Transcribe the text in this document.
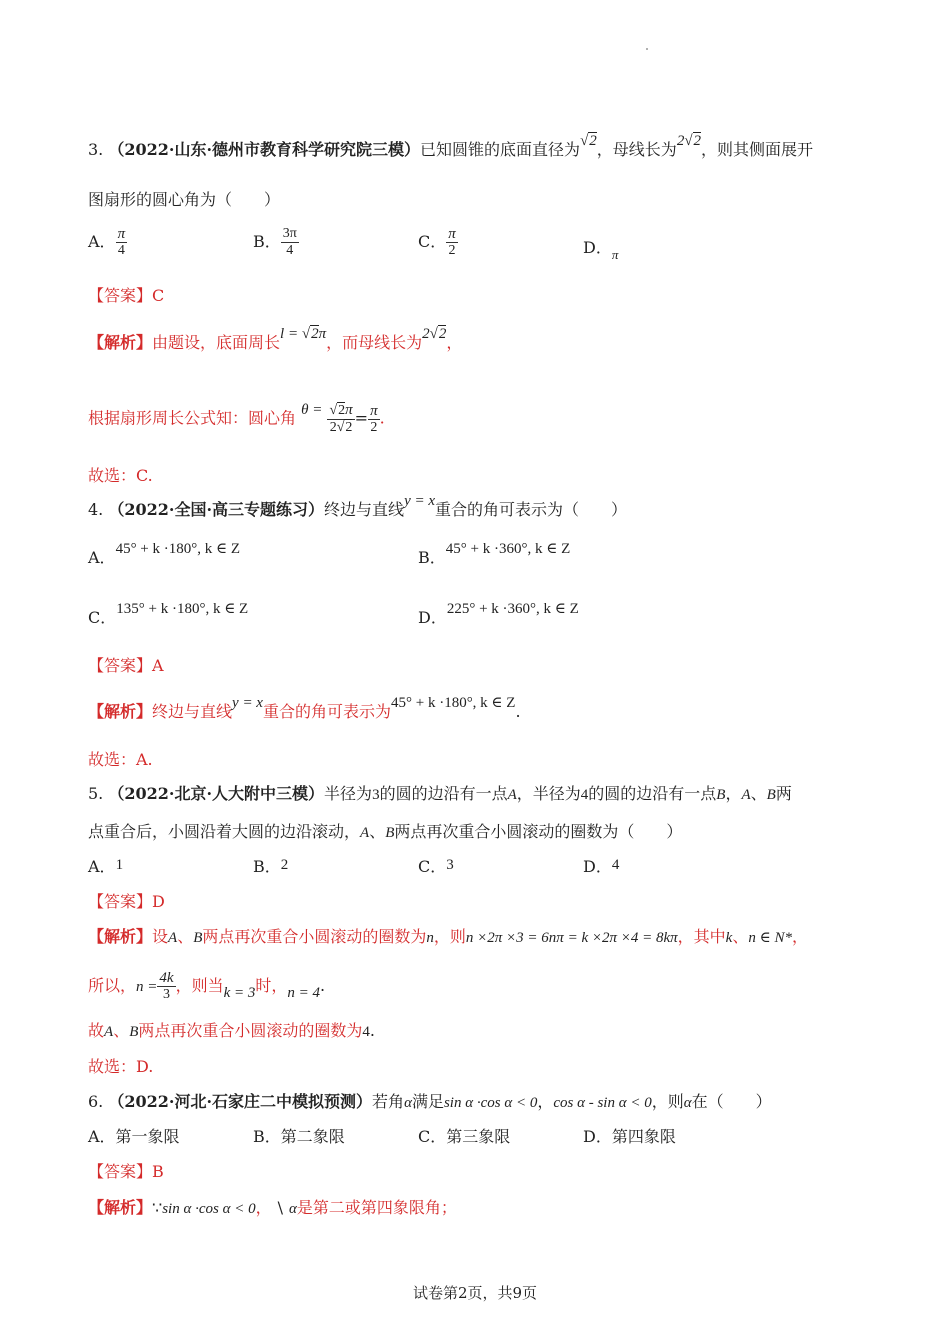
3. （2022·山东·德州市教育科学研究院三模）已知圆锥的底面直径为√2，母线长为2√2，则其侧面展开
图扇形的圆心角为（　　）
A． $\frac{\pi}{4}$	B． $\frac{3\pi}{4}$	C． $\frac{\pi}{2}$	D．$_\pi$
【答案】C
【解析】由题设，底面周长l = √2π，而母线长为2√2，
根据扇形周长公式知：圆心角 $\theta = \frac{√2\pi}{2√2} = \frac{\pi}{2}$ .
故选：C.
4. （2022·全国·高三专题练习）终边与直线y = x重合的角可表示为（　　）
A．45° + k ·180°, k ∈ Z	B．45° + k ·360°, k ∈ Z
C．135° + k ·180°, k ∈ Z	D．225° + k ·360°, k ∈ Z
【答案】A
【解析】终边与直线y = x重合的角可表示为45° + k ·180°, k ∈ Z.
故选：A.
5. （2022·北京·人大附中三模）半径为3的圆的边沿有一点A，半径为4的圆的边沿有一点B，A、B两
点重合后，小圆沿着大圆的边沿滚动，A、B两点再次重合小圆滚动的圈数为（　　）
A．1	B．2	C．3	D．4
【答案】D
【解析】设A、B两点再次重合小圆滚动的圈数为n，则n ×2π ×3 = 6nπ = k ×2π ×4 = 8kπ，其中k、n ∈ N*，
所以，$n = \frac{4k}{3}$ ，则当k = 3时，n = 4.
故A、B两点再次重合小圆滚动的圈数为4.
故选：D.
6. （2022·河北·石家庄二中模拟预测）若角α满足sin α ·cos α < 0，cos α - sin α < 0，则α在（　　）
A．第一象限	B．第二象限	C．第三象限	D．第四象限
【答案】B
【解析】∵sin α ·cos α < 0， \ α是第二或第四象限角；
试卷第2页，共9页
